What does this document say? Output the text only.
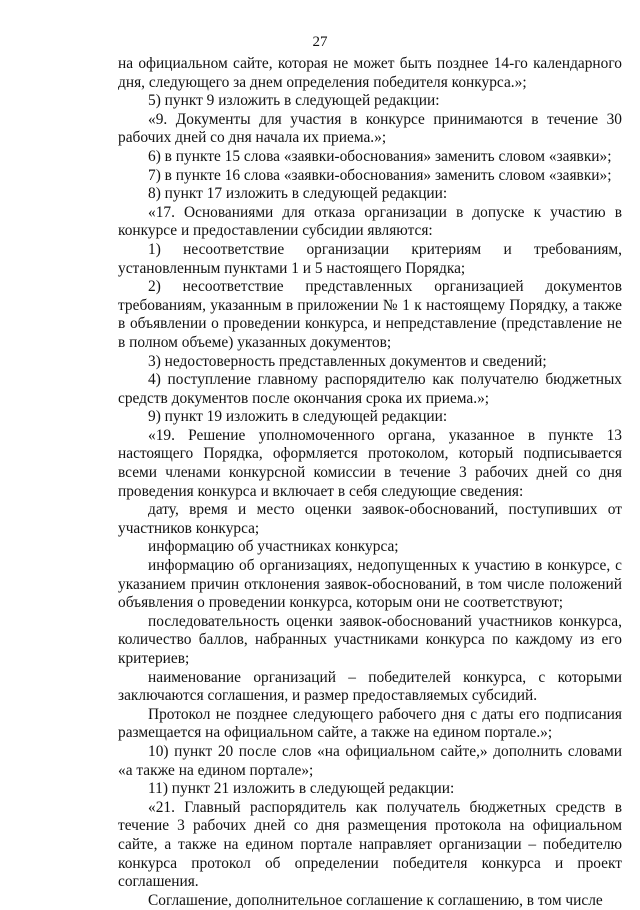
27

на официальном сайте, которая не может быть позднее 14-го календарного дня, следующего за днем определения победителя конкурса.»;

5) пункт 9 изложить в следующей редакции:

«9. Документы для участия в конкурсе принимаются в течение 30 рабочих дней со дня начала их приема.»;

6) в пункте 15 слова «заявки-обоснования» заменить словом «заявки»;

7) в пункте 16 слова «заявки-обоснования» заменить словом «заявки»;

8) пункт 17 изложить в следующей редакции:

«17. Основаниями для отказа организации в допуске к участию в конкурсе и предоставлении субсидии являются:

1) несоответствие организации критериям и требованиям, установленным пунктами 1 и 5 настоящего Порядка;

2) несоответствие представленных организацией документов требованиям, указанным в приложении № 1 к настоящему Порядку, а также в объявлении о проведении конкурса, и непредставление (представление не в полном объеме) указанных документов;

3) недостоверность представленных документов и сведений;

4) поступление главному распорядителю как получателю бюджетных средств документов после окончания срока их приема.»;

9) пункт 19 изложить в следующей редакции:

«19. Решение уполномоченного органа, указанное в пункте 13 настоящего Порядка, оформляется протоколом, который подписывается всеми членами конкурсной комиссии в течение 3 рабочих дней со дня проведения конкурса и включает в себя следующие сведения:

дату, время и место оценки заявок-обоснований, поступивших от участников конкурса;

информацию об участниках конкурса;

информацию об организациях, недопущенных к участию в конкурсе, с указанием причин отклонения заявок-обоснований, в том числе положений объявления о проведении конкурса, которым они не соответствуют;

последовательность оценки заявок-обоснований участников конкурса, количество баллов, набранных участниками конкурса по каждому из его критериев;

наименование организаций – победителей конкурса, с которыми заключаются соглашения, и размер предоставляемых субсидий.

Протокол не позднее следующего рабочего дня с даты его подписания размещается на официальном сайте, а также на едином портале.»;

10) пункт 20 после слов «на официальном сайте,» дополнить словами «а также на едином портале»;

11) пункт 21 изложить в следующей редакции:

«21. Главный распорядитель как получатель бюджетных средств в течение 3 рабочих дней со дня размещения протокола на официальном сайте, а также на едином портале направляет организации – победителю конкурса протокол об определении победителя конкурса и проект соглашения.

Соглашение, дополнительное соглашение к соглашению, в том числе
